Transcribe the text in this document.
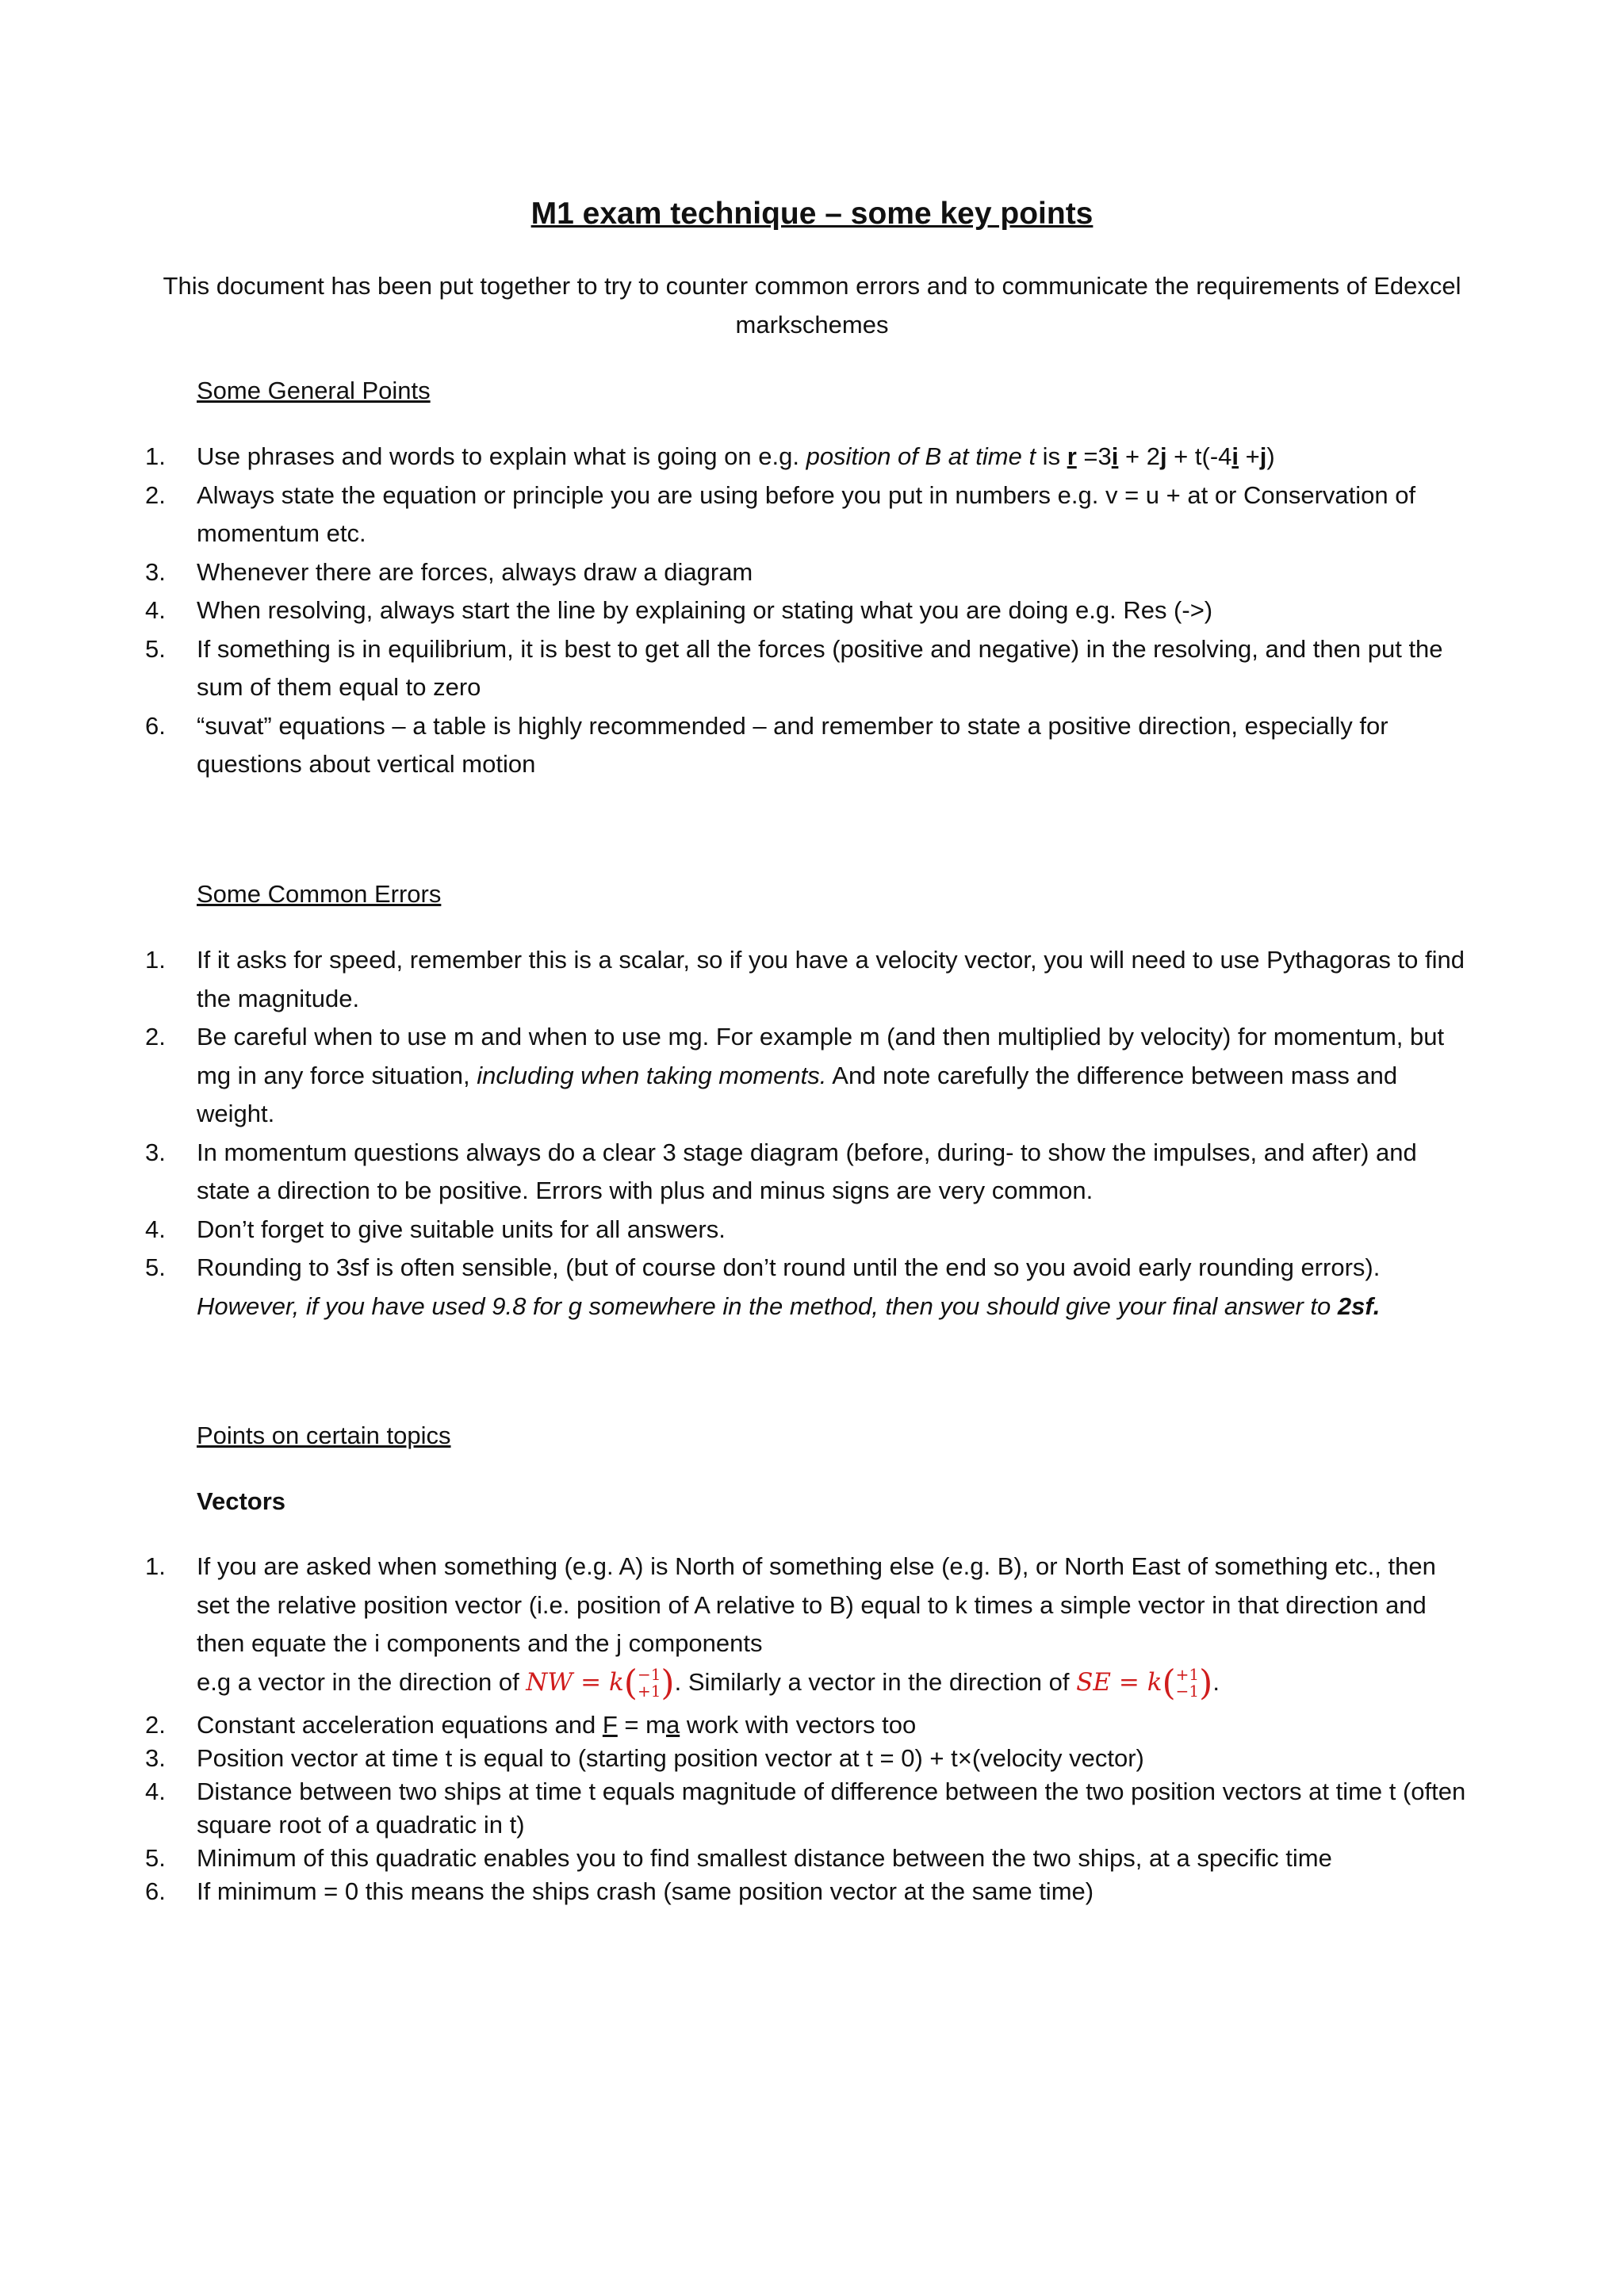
M1 exam technique – some key points
This document has been put together to try to counter common errors and to communicate the requirements of Edexcel markschemes
Some General Points
1. Use phrases and words to explain what is going on e.g. position of B at time t is r =3i + 2j + t(-4i +j)
2. Always state the equation or principle you are using before you put in numbers e.g. v = u + at or Conservation of momentum etc.
3. Whenever there are forces, always draw a diagram
4. When resolving, always start the line by explaining or stating what you are doing e.g. Res (->)
5. If something is in equilibrium, it is best to get all the forces (positive and negative) in the resolving, and then put the sum of them equal to zero
6. “suvat” equations – a table is highly recommended – and remember to state a positive direction, especially for questions about vertical motion
Some Common Errors
1. If it asks for speed, remember this is a scalar, so if you have a velocity vector, you will need to use Pythagoras to find the magnitude.
2. Be careful when to use m and when to use mg. For example m (and then multiplied by velocity) for momentum, but mg in any force situation, including when taking moments. And note carefully the difference between mass and weight.
3. In momentum questions always do a clear 3 stage diagram (before, during- to show the impulses, and after) and state a direction to be positive. Errors with plus and minus signs are very common.
4. Don’t forget to give suitable units for all answers.
5. Rounding to 3sf is often sensible, (but of course don’t round until the end so you avoid early rounding errors). However, if you have used 9.8 for g somewhere in the method, then you should give your final answer to 2sf.
Points on certain topics
Vectors
1. If you are asked when something (e.g. A) is North of something else (e.g. B), or North East of something etc., then set the relative position vector (i.e. position of A relative to B) equal to k times a simple vector in that direction and then equate the i components and the j components
e.g a vector in the direction of NW = k(−1
+1). Similarly a vector in the direction of SE = k(+1
−1).
2. Constant acceleration equations and F = ma work with vectors too
3. Position vector at time t is equal to (starting position vector at t = 0) + t×(velocity vector)
4. Distance between two ships at time t equals magnitude of difference between the two position vectors at time t (often square root of a quadratic in t)
5. Minimum of this quadratic enables you to find smallest distance between the two ships, at a specific time
6. If minimum = 0 this means the ships crash (same position vector at the same time)
